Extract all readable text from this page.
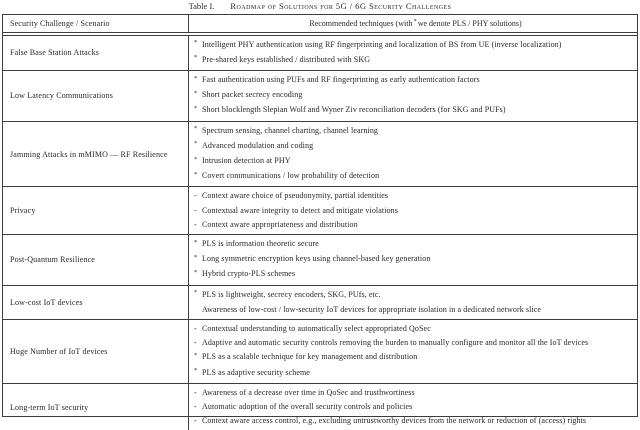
Table I. Roadmap of Solutions for 5G / 6G Security Challenges
Security Challenge / Scenario	Recommended techniques (with * we denote PLS / PHY solutions)
False Base Station Attacks
* Intelligent PHY authentication using RF fingerprinting and localization of BS from UE (inverse localization)
* Pre-shared keys established / distributed with SKG
Low Latency Communications
* Fast authentication using PUFs and RF fingerprinting as early authentication factors
* Short packet secrecy encoding
* Short blocklength Slepian Wolf and Wyner Ziv reconciliation decoders (for SKG and PUFs)
Jamming Attacks in mMIMO — RF Resilience
* Spectrum sensing, channel charting, channel learning
* Advanced modulation and coding
* Intrusion detection at PHY
* Covert communications / low probability of detection
Privacy
- Context aware choice of pseudonymity, partial identities
- Contextual aware integrity to detect and mitigate violations
- Context aware appropriateness and distribution
Post-Quantum Resilience
* PLS is information theoretic secure
* Long symmetric encryption keys using channel-based key generation
* Hybrid crypto-PLS schemes
Low-cost IoT devices
* PLS is lightweight, secrecy encoders, SKG, PUfs, etc.
Awareness of low-cost / low-security IoT devices for appropriate isolation in a dedicated network slice
Huge Number of IoT devices
- Contextual understanding to automatically select appropriated QoSec
- Adaptive and automatic security controls removing the burden to manually configure and monitor all the IoT devices
* PLS as a scalable technique for key management and distribution
* PLS as adaptive security scheme
Long-term IoT security
- Awareness of a decrease over time in QoSec and trusthwortiness
- Automatic adoption of the overall security controls and policies
- Context aware access control, e.g., excluding untrustworthy devices from the network or reduction of (access) rights
